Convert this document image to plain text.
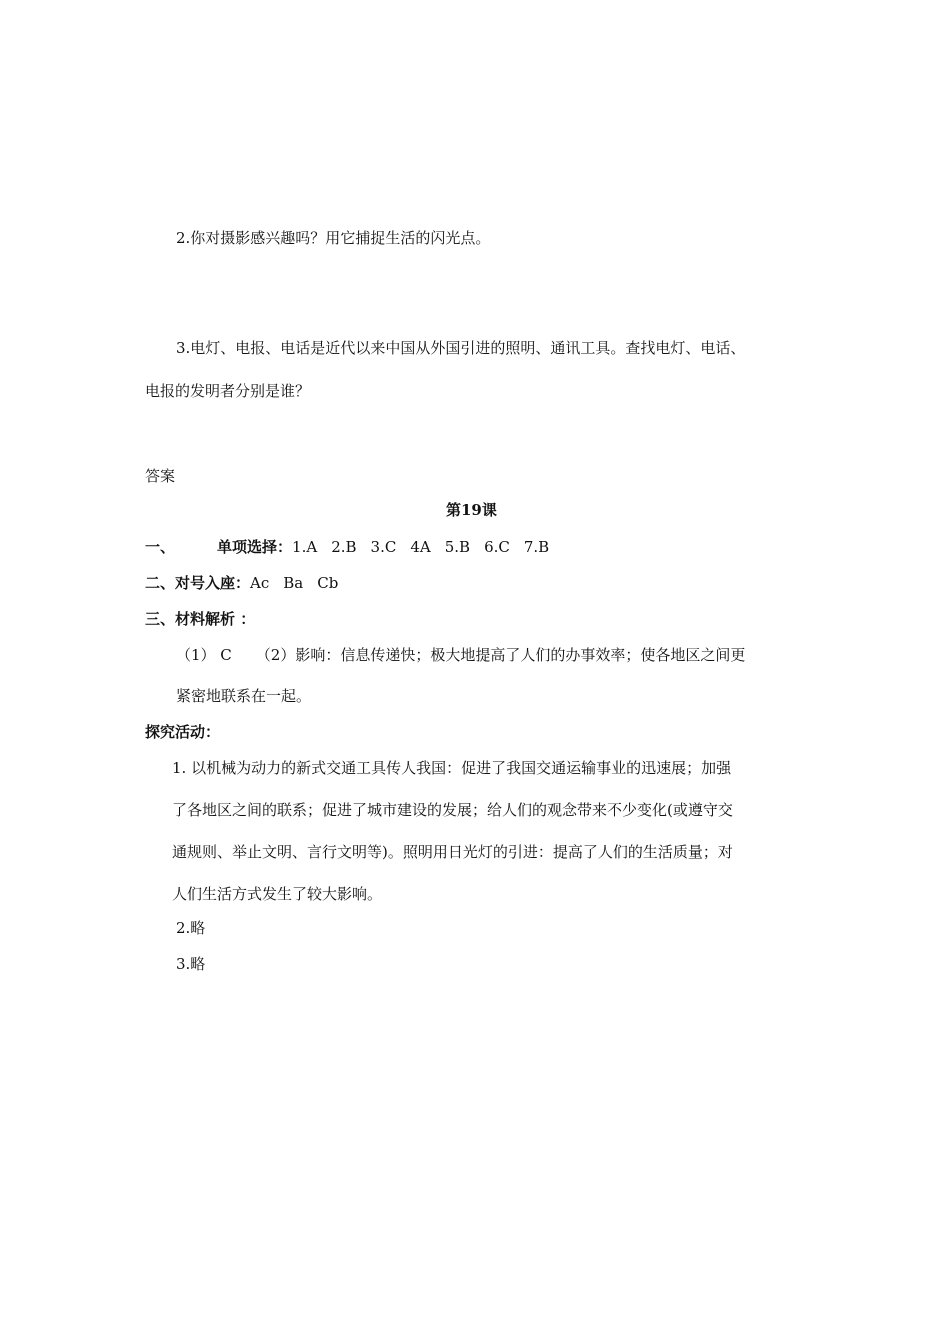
2.你对摄影感兴趣吗？用它捕捉生活的闪光点。
3.电灯、电报、电话是近代以来中国从外国引进的照明、通讯工具。查找电灯、电话、
电报的发明者分别是谁？
答案
第19课
一、	单项选择：1.A 2.B 3.C 4A 5.B 6.C 7.B
二、对号入座：Ac Ba Cb
三、材料解析 ：
（1） C （2）影响：信息传递快；极大地提高了人们的办事效率；使各地区之间更
紧密地联系在一起。
探究活动：
1. 以机械为动力的新式交通工具传人我国：促进了我国交通运输事业的迅速展；加强
了各地区之间的联系；促进了城市建设的发展；给人们的观念带来不少变化(或遵守交
通规则、举止文明、言行文明等)。照明用日光灯的引进：提高了人们的生活质量；对
人们生活方式发生了较大影响。
2.略
3.略
